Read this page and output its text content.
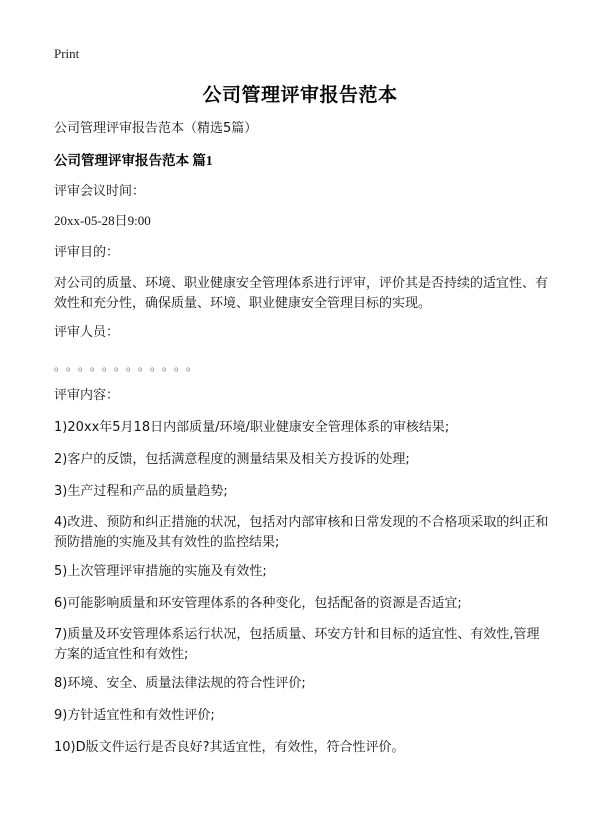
Print
公司管理评审报告范本

公司管理评审报告范本（精选5篇）

公司管理评审报告范本 篇1

评审会议时间：

20xx-05-28日9:00

评审目的：

对公司的质量、环境、职业健康安全管理体系进行评审，评价其是否持续的适宜性、有效性和充分性，确保质量、环境、职业健康安全管理目标的实现。

评审人员：

。。。。。。。。。。。。

评审内容：

1)20xx年5月18日内部质量/环境/职业健康安全管理体系的审核结果;

2)客户的反馈，包括满意程度的测量结果及相关方投诉的处理;

3)生产过程和产品的质量趋势;

4)改进、预防和纠正措施的状况，包括对内部审核和日常发现的不合格项采取的纠正和预防措施的实施及其有效性的监控结果;

5)上次管理评审措施的实施及有效性;

6)可能影响质量和环安管理体系的各种变化，包括配备的资源是否适宜;

7)质量及环安管理体系运行状况，包括质量、环安方针和目标的适宜性、有效性,管理方案的适宜性和有效性;

8)环境、安全、质量法律法规的符合性评价;

9)方针适宜性和有效性评价;

10)D版文件运行是否良好?其适宜性，有效性，符合性评价。
